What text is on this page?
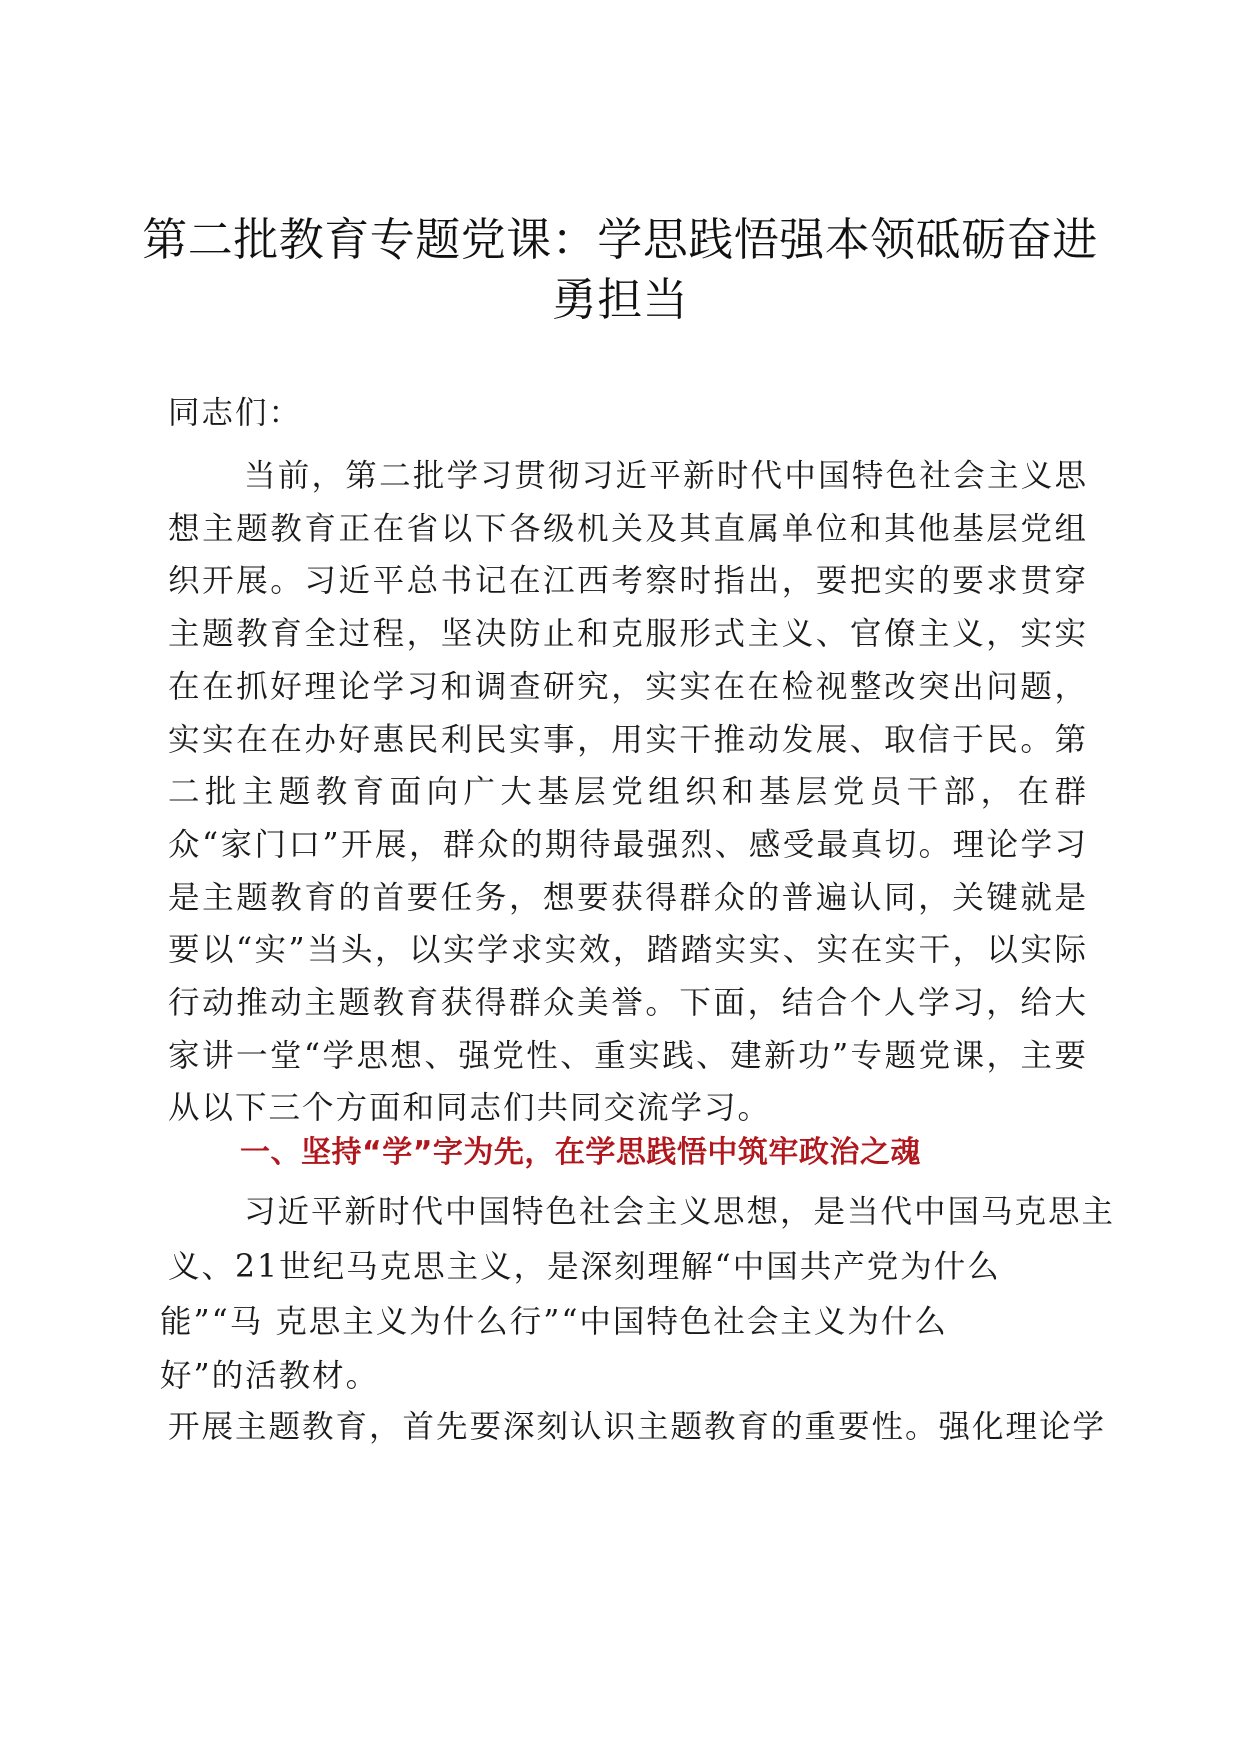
第二批教育专题党课：学思践悟强本领砥砺奋进勇担当

同志们：

当前，第二批学习贯彻习近平新时代中国特色社会主义思想主题教育正在省以下各级机关及其直属单位和其他基层党组织开展。习近平总书记在江西考察时指出，要把实的要求贯穿主题教育全过程，坚决防止和克服形式主义、官僚主义，实实在在抓好理论学习和调查研究，实实在在检视整改突出问题，实实在在办好惠民利民实事，用实干推动发展、取信于民。第二批主题教育面向广大基层党组织和基层党员干部，在群众“家门口”开展，群众的期待最强烈、感受最真切。理论学习是主题教育的首要任务，想要获得群众的普遍认同，关键就是要以“实”当头，以实学求实效，踏踏实实、实在实干，以实际行动推动主题教育获得群众美誉。下面，结合个人学习，给大家讲一堂“学思想、强党性、重实践、建新功”专题党课，主要从以下三个方面和同志们共同交流学习。

一、坚持“学”字为先，在学思践悟中筑牢政治之魂

习近平新时代中国特色社会主义思想，是当代中国马克思主

义、21世纪马克思主义，是深刻理解“中国共产党为什么

能”“马 克思主义为什么行”“中国特色社会主义为什么

好”的活教材。

开展主题教育，首先要深刻认识主题教育的重要性。强化理论学
